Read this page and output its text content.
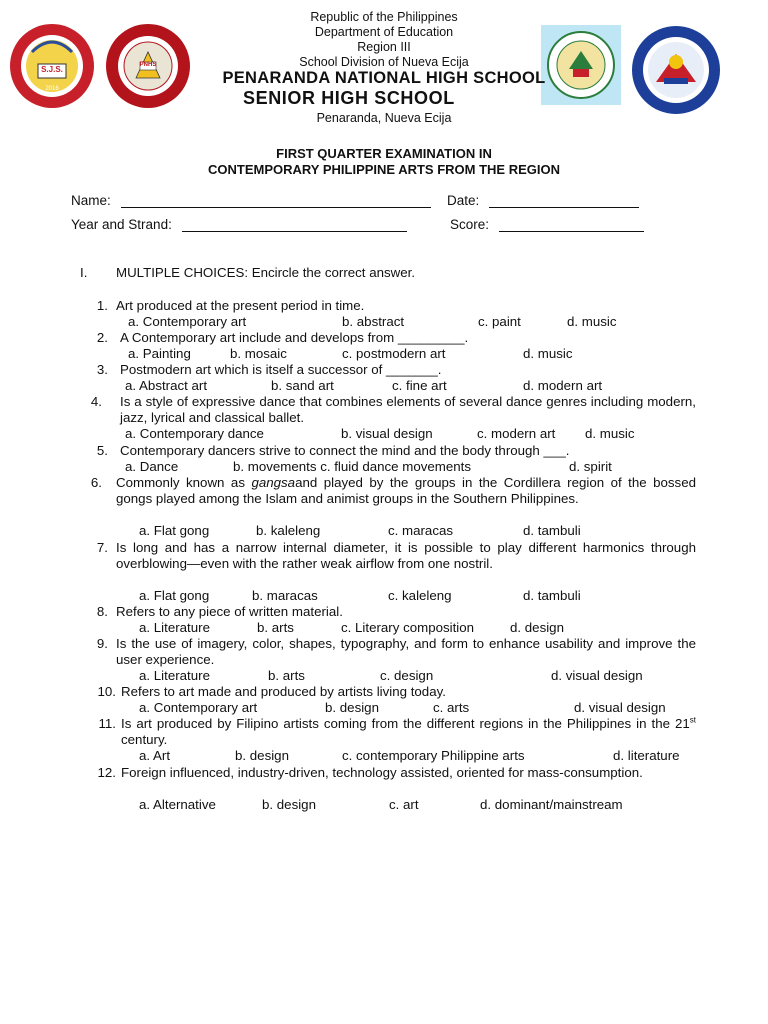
S.J.S.
2016
PNHS
Republic of the Philippines
Department of Education
Region III
School Division of Nueva Ecija
PENARANDA NATIONAL HIGH SCHOOL
SENIOR HIGH SCHOOL
Penaranda, Nueva Ecija
FIRST QUARTER EXAMINATION IN
CONTEMPORARY PHILIPPINE ARTS FROM THE REGION
Name:	Date:
Year and Strand:	Score:
I. MULTIPLE CHOICES: Encircle the correct answer.
1. Art produced at the present period in time.
a. Contemporary art	b. abstract	c. paint	d. music
2. A Contemporary art include and develops from _________.
a. Painting	b. mosaic	c. postmodern art	d. music
3. Postmodern art which is itself a successor of _______.
a. Abstract art	b. sand art	c. fine art	d. modern art
4. Is a style of expressive dance that combines elements of several dance genres including modern, jazz, lyrical and classical ballet.
a. Contemporary dance	b. visual design	c. modern art d. music
5. Contemporary dancers strive to connect the mind and the body through ___.
a. Dance	b. movements c. fluid dance movements	d. spirit
6. Commonly known as gangsaand played by the groups in the Cordillera region of the bossed gongs played among the Islam and animist groups in the Southern Philippines.
a. Flat gong	b. kaleleng	c. maracas	d. tambuli
7. Is long and has a narrow internal diameter, it is possible to play different harmonics through overblowing—even with the rather weak airflow from one nostril.
a. Flat gong	b. maracas	c. kaleleng	d. tambuli
8. Refers to any piece of written material.
a. Literature	b. arts	c. Literary composition	d. design
9. Is the use of imagery, color, shapes, typography, and form to enhance usability and improve the user experience.
a. Literature	b. arts	c. design	d. visual design
10. Refers to art made and produced by artists living today.
a. Contemporary art	b. design	c. arts	d. visual design
11. Is art produced by Filipino artists coming from the different regions in the Philippines in the 21st century.
a. Art	b. design	c. contemporary Philippine arts	d. literature
12. Foreign influenced, industry-driven, technology assisted, oriented for mass-consumption.
a. Alternative	b. design	c. art	d. dominant/mainstream
